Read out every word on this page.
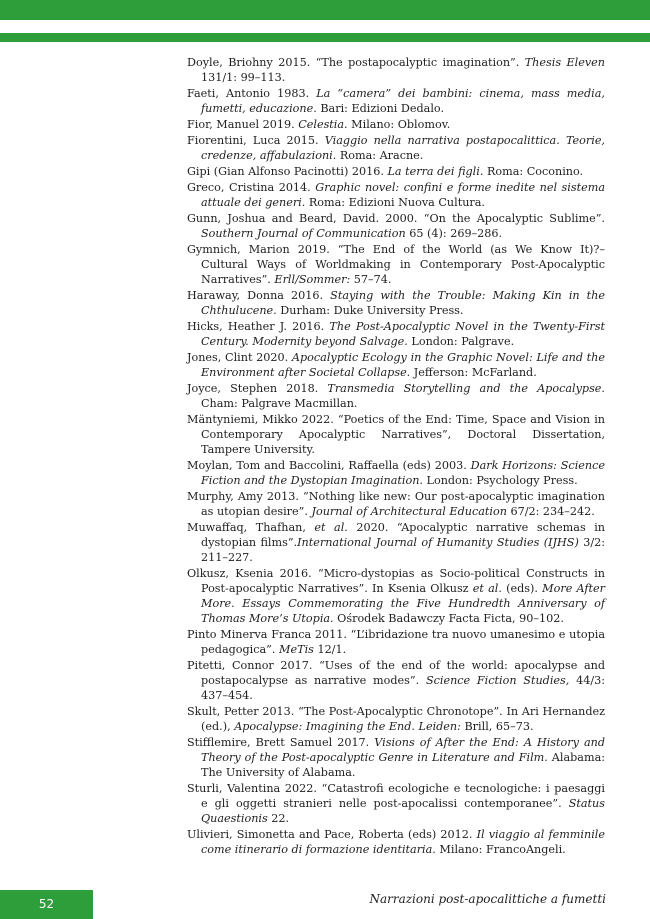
Doyle, Briohny 2015. “The postapocalyptic imagination”. Thesis Eleven 131/1: 99–113.
Faeti, Antonio 1983. La “camera” dei bambini: cinema, mass media, fumetti, educazione. Bari: Edizioni Dedalo.
Fior, Manuel 2019. Celestia. Milano: Oblomov.
Fiorentini, Luca 2015. Viaggio nella narrativa postapocalittica. Teorie, credenze, affabulazioni. Roma: Aracne.
Gipi (Gian Alfonso Pacinotti) 2016. La terra dei figli. Roma: Coconino.
Greco, Cristina 2014. Graphic novel: confini e forme inedite nel sistema attuale dei generi. Roma: Edizioni Nuova Cultura.
Gunn, Joshua and Beard, David. 2000. “On the Apocalyptic Sublime”. Southern Journal of Communication 65 (4): 269–286.
Gymnich, Marion 2019. “The End of the World (as We Know It)?– Cultural Ways of Worldmaking in Contemporary Post-Apocalyptic Narratives”. Erll/Sommer: 57–74.
Haraway, Donna 2016. Staying with the Trouble: Making Kin in the Chthulucene. Durham: Duke University Press.
Hicks, Heather J. 2016. The Post-Apocalyptic Novel in the Twenty-First Century. Modernity beyond Salvage. London: Palgrave.
Jones, Clint 2020. Apocalyptic Ecology in the Graphic Novel: Life and the Environment after Societal Collapse. Jefferson: McFarland.
Joyce, Stephen 2018. Transmedia Storytelling and the Apocalypse. Cham: Palgrave Macmillan.
Mäntyniemi, Mikko 2022. “Poetics of the End: Time, Space and Vision in Contemporary Apocalyptic Narratives”, Doctoral Dissertation, Tampere University.
Moylan, Tom and Baccolini, Raffaella (eds) 2003. Dark Horizons: Science Fiction and the Dystopian Imagination. London: Psychology Press.
Murphy, Amy 2013. “Nothing like new: Our post-apocalyptic imagination as utopian desire”. Journal of Architectural Education 67/2: 234–242.
Muwaffaq, Thafhan, et al. 2020. “Apocalyptic narrative schemas in dystopian films”.International Journal of Humanity Studies (IJHS) 3/2: 211–227.
Olkusz, Ksenia 2016. “Micro-dystopias as Socio-political Constructs in Post-apocalyptic Narratives”. In Ksenia Olkusz et al. (eds). More After More. Essays Commemorating the Five Hundredth Anniversary of Thomas More’s Utopia. Ośrodek Badawczy Facta Ficta, 90–102.
Pinto Minerva Franca 2011. “L’ibridazione tra nuovo umanesimo e utopia pedagogica”. MeTis 12/1.
Pitetti, Connor 2017. “Uses of the end of the world: apocalypse and postapocalypse as narrative modes”. Science Fiction Studies, 44/3: 437–454.
Skult, Petter 2013. “The Post-Apocalyptic Chronotope”. In Ari Hernandez (ed.), Apocalypse: Imagining the End. Leiden: Brill, 65–73.
Stifflemire, Brett Samuel 2017. Visions of After the End: A History and Theory of the Post-apocalyptic Genre in Literature and Film. Alabama: The University of Alabama.
Sturli, Valentina 2022. “Catastrofi ecologiche e tecnologiche: i paesaggi e gli oggetti stranieri nelle post-apocalissi contemporanee”. Status Quaestionis 22.
Ulivieri, Simonetta and Pace, Roberta (eds) 2012. Il viaggio al femminile come itinerario di formazione identitaria. Milano: FrancoAngeli.
52	Narrazioni post-apocalittiche a fumetti
